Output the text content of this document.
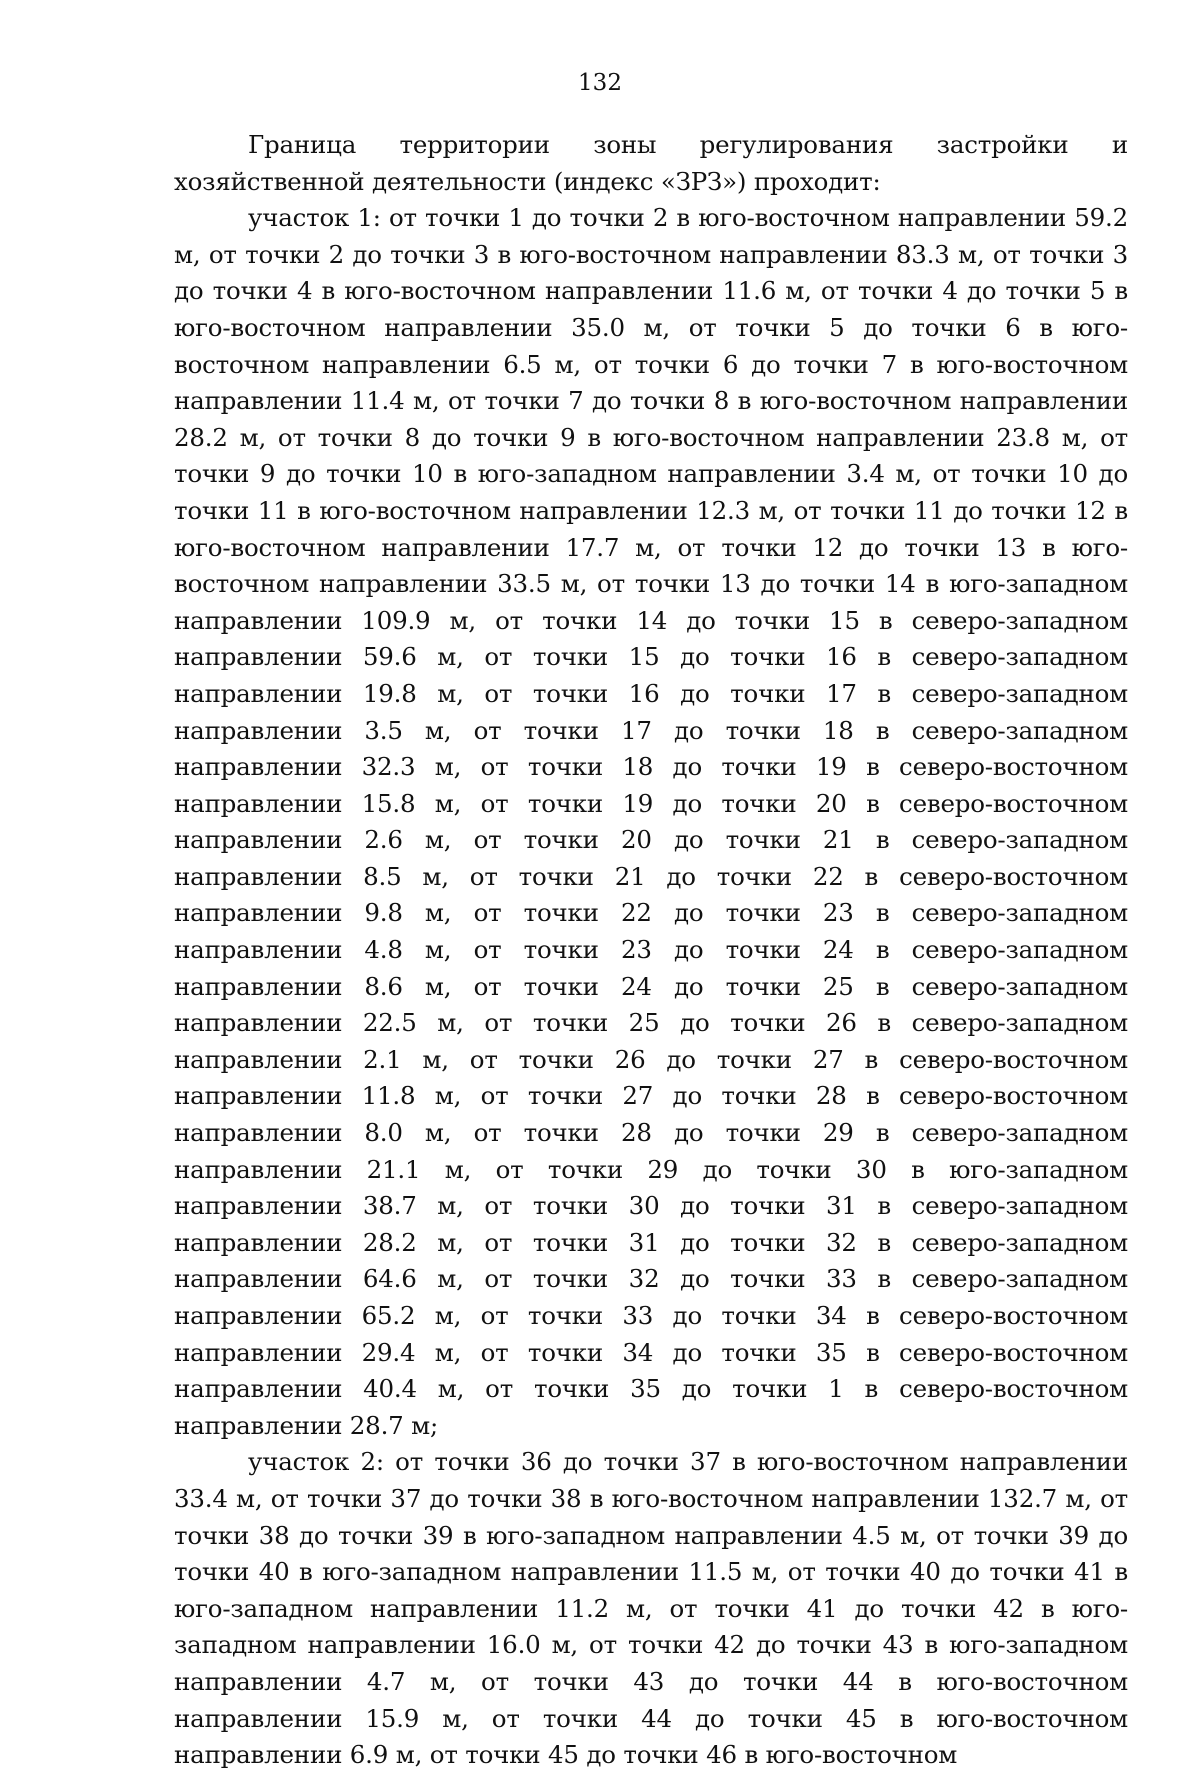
132

Граница территории зоны регулирования застройки и хозяйственной деятельности (индекс «ЗРЗ») проходит:

участок 1: от точки 1 до точки 2 в юго-восточном направлении 59.2 м, от точки 2 до точки 3 в юго-восточном направлении 83.3 м, от точки 3 до точки 4 в юго-восточном направлении 11.6 м, от точки 4 до точки 5 в юго-восточном направлении 35.0 м, от точки 5 до точки 6 в юго-восточном направлении 6.5 м, от точки 6 до точки 7 в юго-восточном направлении 11.4 м, от точки 7 до точки 8 в юго-восточном направлении 28.2 м, от точки 8 до точки 9 в юго-восточном направлении 23.8 м, от точки 9 до точки 10 в юго-западном направлении 3.4 м, от точки 10 до точки 11 в юго-восточном направлении 12.3 м, от точки 11 до точки 12 в юго-восточном направлении 17.7 м, от точки 12 до точки 13 в юго-восточном направлении 33.5 м, от точки 13 до точки 14 в юго-западном направлении 109.9 м, от точки 14 до точки 15 в северо-западном направлении 59.6 м, от точки 15 до точки 16 в северо-западном направлении 19.8 м, от точки 16 до точки 17 в северо-западном направлении 3.5 м, от точки 17 до точки 18 в северо-западном направлении 32.3 м, от точки 18 до точки 19 в северо-восточном направлении 15.8 м, от точки 19 до точки 20 в северо-восточном направлении 2.6 м, от точки 20 до точки 21 в северо-западном направлении 8.5 м, от точки 21 до точки 22 в северо-восточном направлении 9.8 м, от точки 22 до точки 23 в северо-западном направлении 4.8 м, от точки 23 до точки 24 в северо-западном направлении 8.6 м, от точки 24 до точки 25 в северо-западном направлении 22.5 м, от точки 25 до точки 26 в северо-западном направлении 2.1 м, от точки 26 до точки 27 в северо-восточном направлении 11.8 м, от точки 27 до точки 28 в северо-восточном направлении 8.0 м, от точки 28 до точки 29 в северо-западном направлении 21.1 м, от точки 29 до точки 30 в юго-западном направлении 38.7 м, от точки 30 до точки 31 в северо-западном направлении 28.2 м, от точки 31 до точки 32 в северо-западном направлении 64.6 м, от точки 32 до точки 33 в северо-западном направлении 65.2 м, от точки 33 до точки 34 в северо-восточном направлении 29.4 м, от точки 34 до точки 35 в северо-восточном направлении 40.4 м, от точки 35 до точки 1 в северо-восточном направлении 28.7 м;

участок 2: от точки 36 до точки 37 в юго-восточном направлении 33.4 м, от точки 37 до точки 38 в юго-восточном направлении 132.7 м, от точки 38 до точки 39 в юго-западном направлении 4.5 м, от точки 39 до точки 40 в юго-западном направлении 11.5 м, от точки 40 до точки 41 в юго-западном направлении 11.2 м, от точки 41 до точки 42 в юго-западном направлении 16.0 м, от точки 42 до точки 43 в юго-западном направлении 4.7 м, от точки 43 до точки 44 в юго-восточном направлении 15.9 м, от точки 44 до точки 45 в юго-восточном направлении 6.9 м, от точки 45 до точки 46 в юго-восточном
